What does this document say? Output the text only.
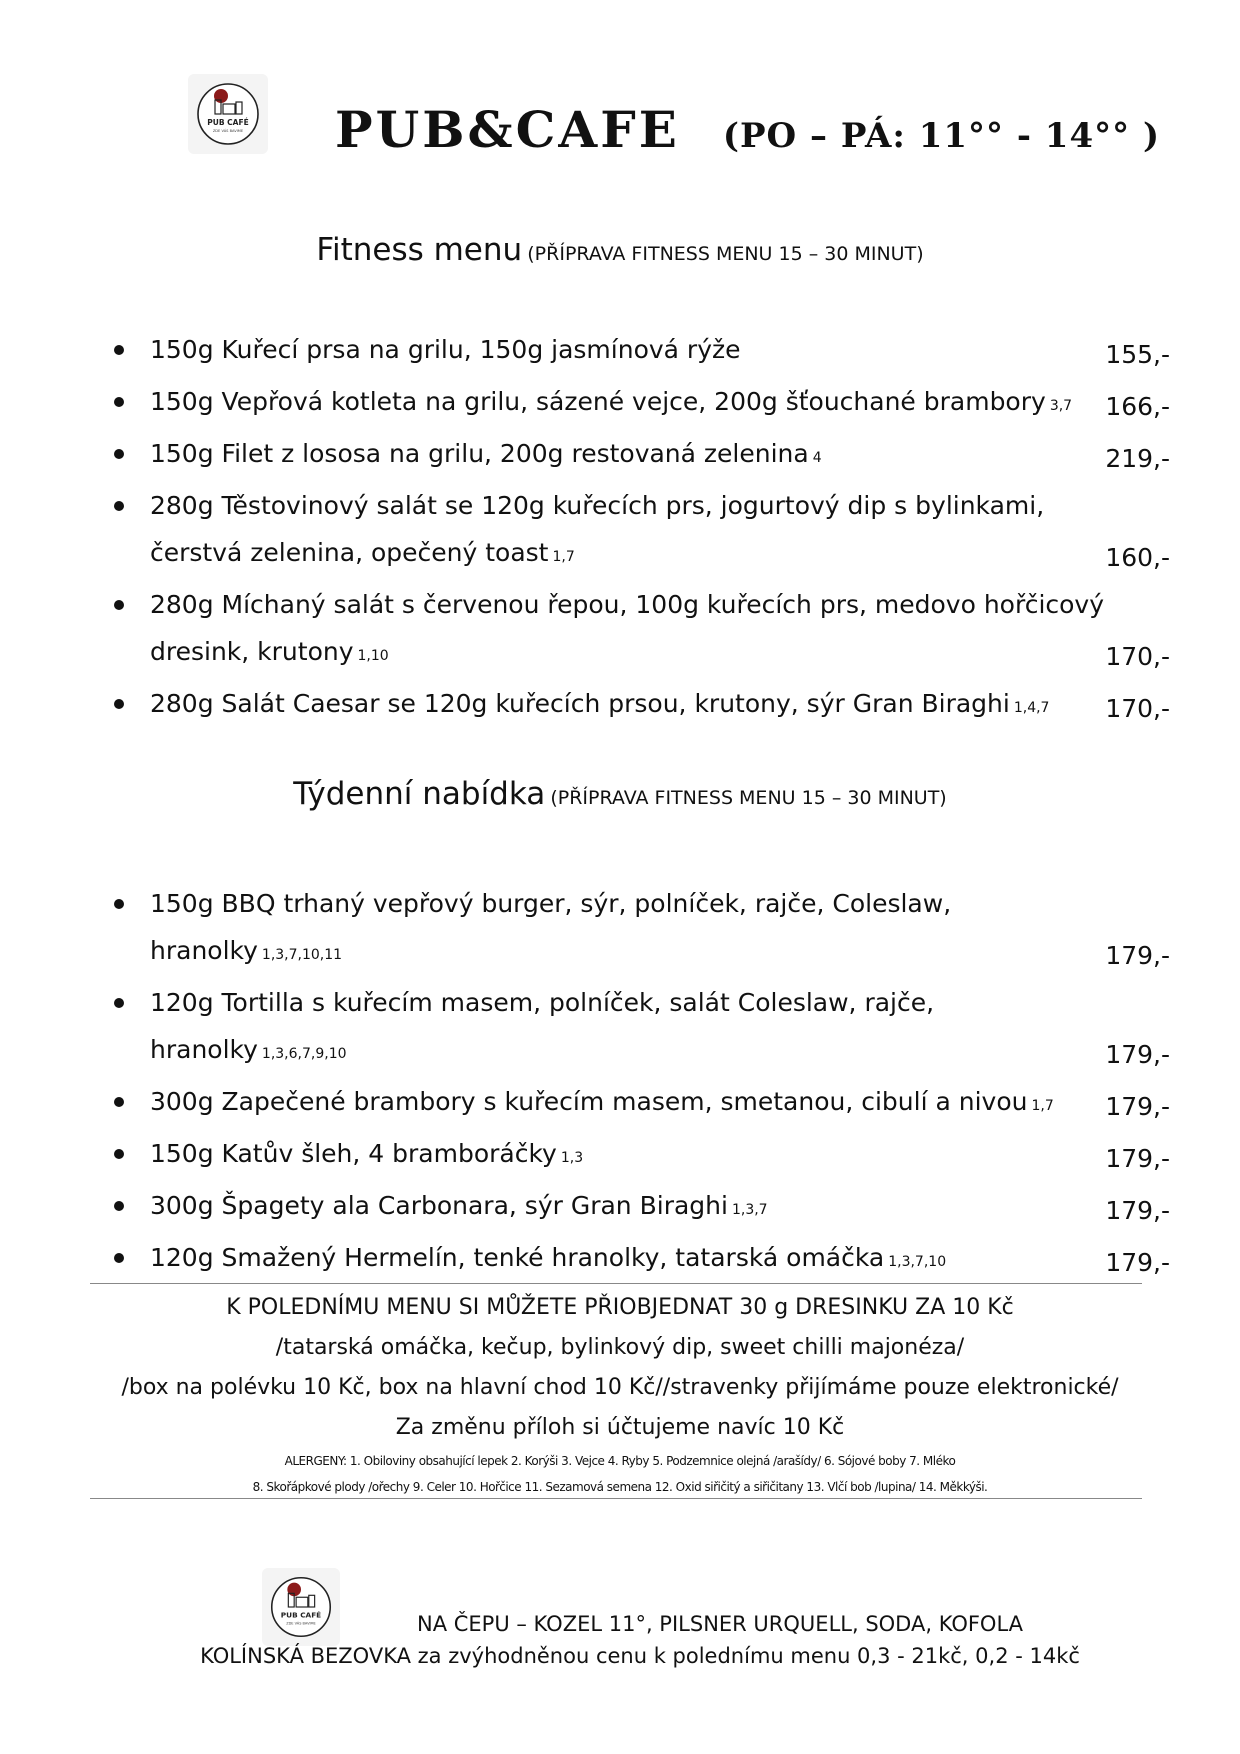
PUB CAFÉ
ZDE VÁS BAVIME PUB&CAFE (PO – PÁ: 11°° - 14°° )
Fitness menu (PŘÍPRAVA FITNESS MENU 15 – 30 MINUT)
150g Kuřecí prsa na grilu, 150g jasmínová rýže	155,-
150g Vepřová kotleta na grilu, sázené vejce, 200g šťouchané brambory 3,7	166,-
150g Filet z lososa na grilu, 200g restovaná zelenina 4	219,-
280g Těstovinový salát se 120g kuřecích prs, jogurtový dip s bylinkami, čerstvá zelenina, opečený toast 1,7	160,-
280g Míchaný salát s červenou řepou, 100g kuřecích prs, medovo hořčicový dresink, krutony 1,10	170,-
280g Salát Caesar se 120g kuřecích prsou, krutony, sýr Gran Biraghi 1,4,7	170,-
Týdenní nabídka (PŘÍPRAVA FITNESS MENU 15 – 30 MINUT)
150g BBQ trhaný vepřový burger, sýr, polníček, rajče, Coleslaw, hranolky 1,3,7,10,11	179,-
120g Tortilla s kuřecím masem, polníček, salát Coleslaw, rajče, hranolky 1,3,6,7,9,10	179,-
300g Zapečené brambory s kuřecím masem, smetanou, cibulí a nivou 1,7	179,-
150g Katův šleh, 4 bramboráčky 1,3	179,-
300g Špagety ala Carbonara, sýr Gran Biraghi 1,3,7	179,-
120g Smažený Hermelín, tenké hranolky, tatarská omáčka 1,3,7,10	179,-
K POLEDNÍMU MENU SI MŮŽETE PŘIOBJEDNAT 30 g DRESINKU ZA 10 Kč
/tatarská omáčka, kečup, bylinkový dip, sweet chilli majonéza/
/box na polévku 10 Kč, box na hlavní chod 10 Kč//stravenky přijímáme pouze elektronické/
Za změnu příloh si účtujeme navíc 10 Kč
ALERGENY: 1. Obiloviny obsahující lepek 2. Korýši 3. Vejce 4. Ryby 5. Podzemnice olejná /arašídy/ 6. Sójové boby 7. Mléko
8. Skořápkové plody /ořechy 9. Celer 10. Hořčice 11. Sezamová semena 12. Oxid siřičitý a siřičitany 13. Vlčí bob /lupina/ 14. Měkkýši.
PUB CAFÉ
ZDE VÁS BAVIME	NA ČEPU – KOZEL 11°, PILSNER URQUELL, SODA, KOFOLA
KOLÍNSKÁ BEZOVKA za zvýhodněnou cenu k polednímu menu 0,3 - 21kč, 0,2 - 14kč
